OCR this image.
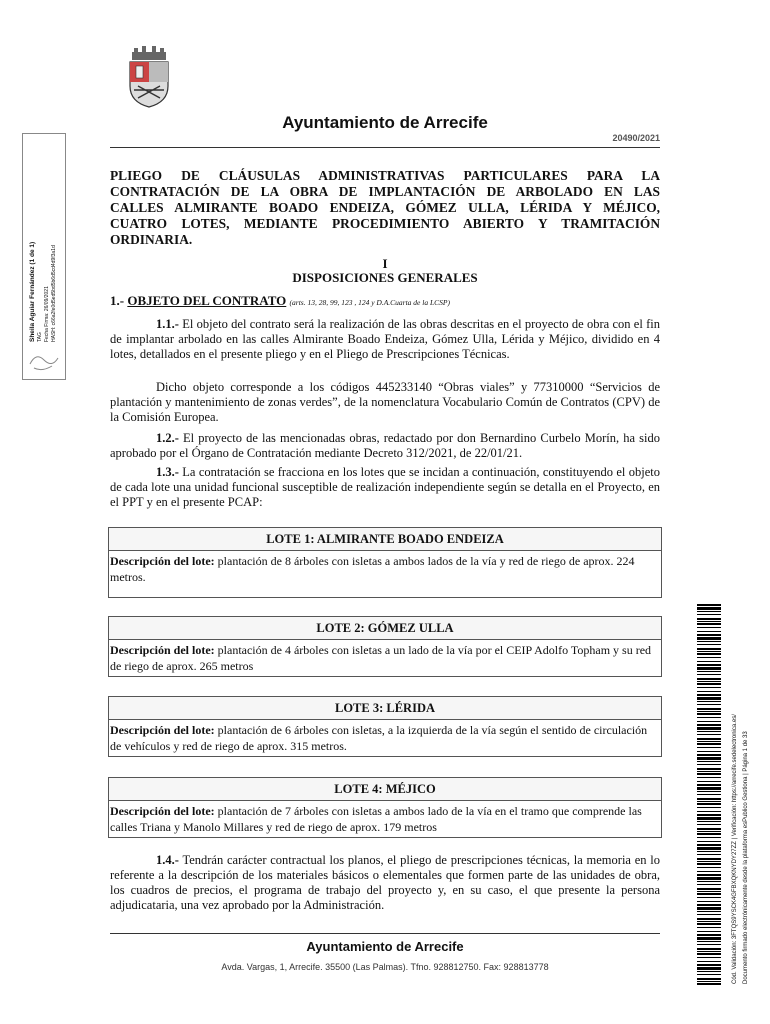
Ayuntamiento de Arrecife
20490/2021
Sheila Aguiar Fernández (1 de 1) TAG Fecha Firma: 26/09/2021 HASH: c66a2fe0d5ed5bd5b6d5cd4d9f3a1d
Cód. Validación: 3FTQS9YSCK4GFBXQKNYDY27ZZ | Verificación: https://arrecife.sedelectronica.es/ Documento firmado electrónicamente desde la plataforma esPublico Gestiona | Página 1 de 33
PLIEGO DE CLÁUSULAS ADMINISTRATIVAS PARTICULARES PARA LA
CONTRATACIÓN DE LA OBRA DE IMPLANTACIÓN DE ARBOLADO EN LAS
CALLES ALMIRANTE BOADO ENDEIZA, GÓMEZ ULLA, LÉRIDA Y MÉJICO,
CUATRO LOTES, MEDIANTE PROCEDIMIENTO ABIERTO Y TRAMITACIÓN
ORDINARIA.
I
DISPOSICIONES GENERALES
1.- OBJETO DEL CONTRATO (arts. 13, 28, 99, 123 , 124 y D.A.Cuarta de la LCSP)
1.1.- El objeto del contrato será la realización de las obras descritas en el proyecto de obra con el fin de implantar arbolado en las calles Almirante Boado Endeiza, Gómez Ulla, Lérida y Méjico, dividido en 4 lotes, detallados en el presente pliego y en el Pliego de Prescripciones Técnicas.
Dicho objeto corresponde a los códigos 445233140 “Obras viales” y 77310000 “Servicios de plantación y mantenimiento de zonas verdes”, de la nomenclatura Vocabulario Común de Contratos (CPV) de la Comisión Europea.
1.2.- El proyecto de las mencionadas obras, redactado por don Bernardino Curbelo Morín, ha sido aprobado por el Órgano de Contratación mediante Decreto 312/2021, de 22/01/21.
1.3.- La contratación se fracciona en los lotes que se incidan a continuación, constituyendo el objeto de cada lote una unidad funcional susceptible de realización independiente según se detalla en el Proyecto, en el PPT y en el presente PCAP:
LOTE 1: ALMIRANTE BOADO ENDEIZA
Descripción del lote: plantación de 8 árboles con isletas a ambos lados de la vía y red de riego de aprox. 224 metros.
LOTE 2: GÓMEZ ULLA
Descripción del lote: plantación de 4 árboles con isletas a un lado de la vía por el CEIP Adolfo Topham y su red de riego de aprox. 265 metros
LOTE 3: LÉRIDA
Descripción del lote: plantación de 6 árboles con isletas, a la izquierda de la vía según el sentido de circulación de vehículos y red de riego de aprox. 315 metros.
LOTE 4: MÉJICO
Descripción del lote: plantación de 7 árboles con isletas a ambos lado de la vía en el tramo que comprende las calles Triana y Manolo Millares y red de riego de aprox. 179 metros
1.4.- Tendrán carácter contractual los planos, el pliego de prescripciones técnicas, la memoria en lo referente a la descripción de los materiales básicos o elementales que formen parte de las unidades de obra, los cuadros de precios, el programa de trabajo del proyecto y, en su caso, el que presente la persona adjudicataria, una vez aprobado por la Administración.
Ayuntamiento de Arrecife
Avda. Vargas, 1, Arrecife. 35500 (Las Palmas). Tfno. 928812750. Fax: 928813778
